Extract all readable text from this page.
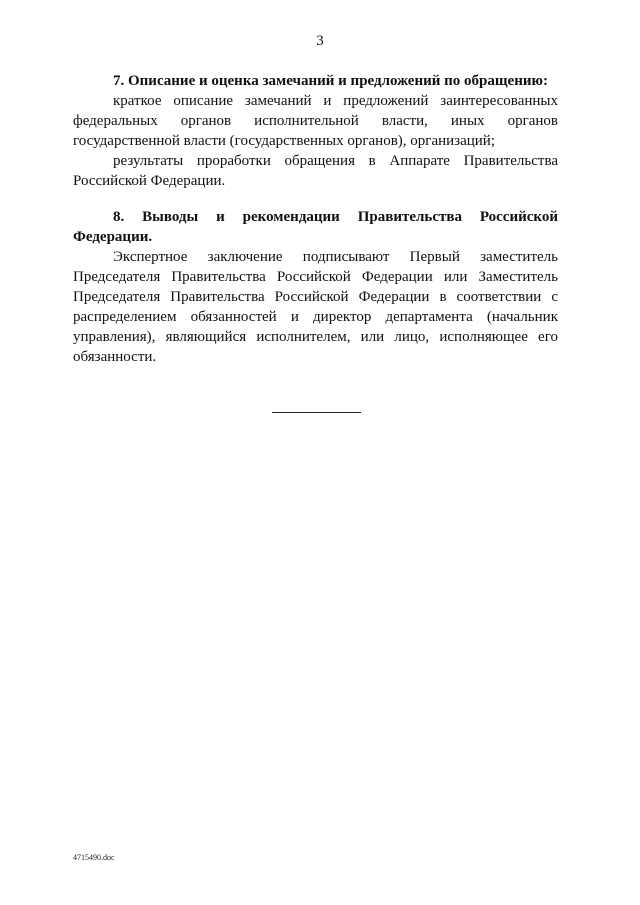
3

7. Описание и оценка замечаний и предложений по обращению:

краткое описание замечаний и предложений заинтересованных федеральных органов исполнительной власти, иных органов государственной власти (государственных органов), организаций;

результаты проработки обращения в Аппарате Правительства Российской Федерации.

8. Выводы и рекомендации Правительства Российской Федерации.

Экспертное заключение подписывают Первый заместитель Председателя Правительства Российской Федерации или Заместитель Председателя Правительства Российской Федерации в соответствии с распределением обязанностей и директор департамента (начальник управления), являющийся исполнителем, или лицо, исполняющее его обязанности.

4715490.doc
